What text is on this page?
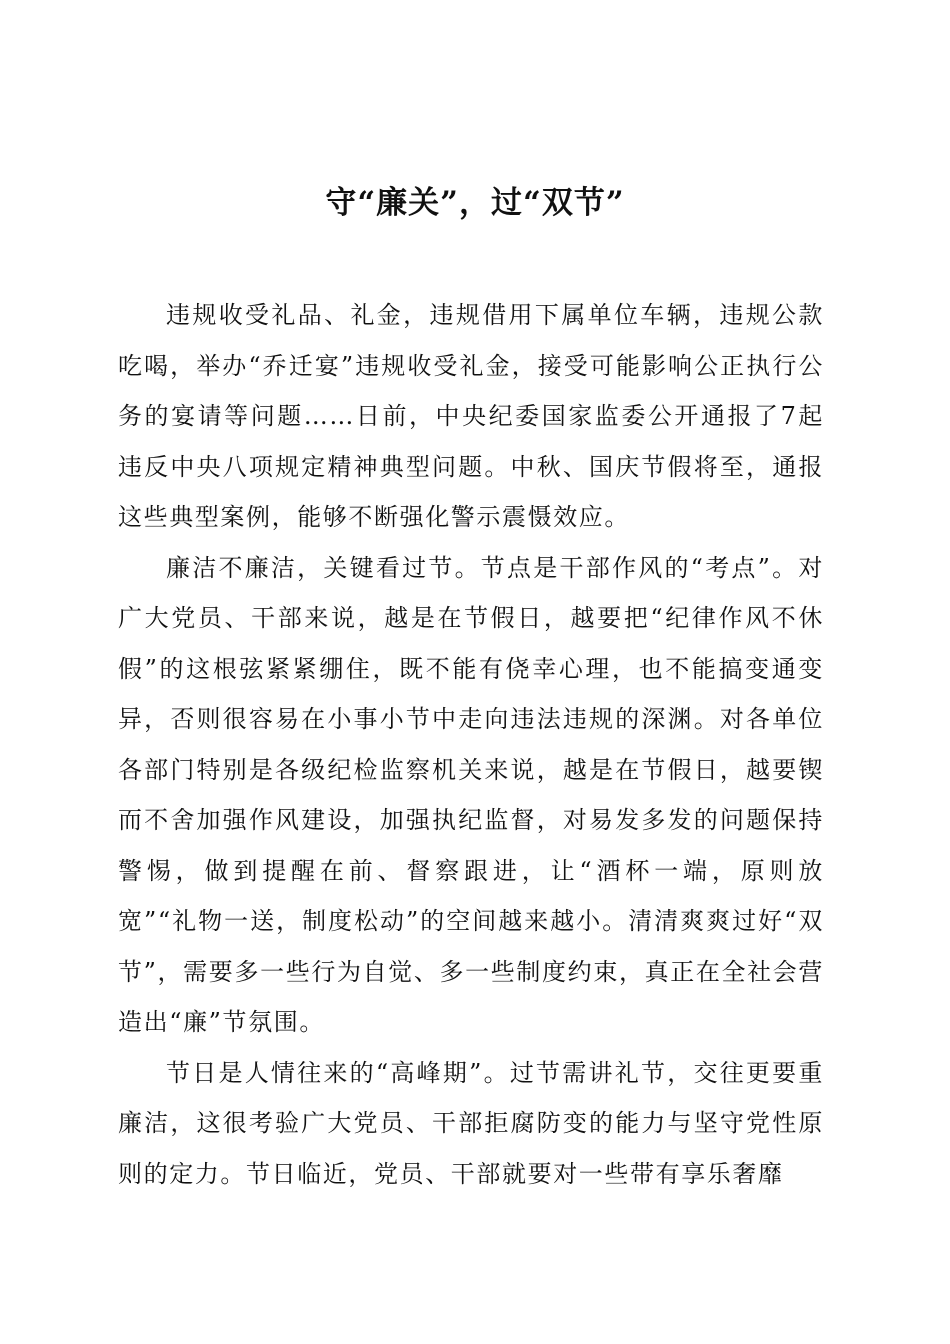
守“廉关”，过“双节”

违规收受礼品、礼金，违规借用下属单位车辆，违规公款吃喝，举办“乔迁宴”违规收受礼金，接受可能影响公正执行公务的宴请等问题……日前，中央纪委国家监委公开通报了7起违反中央八项规定精神典型问题。中秋、国庆节假将至，通报这些典型案例，能够不断强化警示震慑效应。

廉洁不廉洁，关键看过节。节点是干部作风的“考点”。对广大党员、干部来说，越是在节假日，越要把“纪律作风不休假”的这根弦紧紧绷住，既不能有侥幸心理，也不能搞变通变异，否则很容易在小事小节中走向违法违规的深渊。对各单位各部门特别是各级纪检监察机关来说，越是在节假日，越要锲而不舍加强作风建设，加强执纪监督，对易发多发的问题保持警惕，做到提醒在前、督察跟进，让“酒杯一端，原则放宽”“礼物一送，制度松动”的空间越来越小。清清爽爽过好“双节”，需要多一些行为自觉、多一些制度约束，真正在全社会营造出“廉”节氛围。

节日是人情往来的“高峰期”。过节需讲礼节，交往更要重廉洁，这很考验广大党员、干部拒腐防变的能力与坚守党性原则的定力。节日临近，党员、干部就要对一些带有享乐奢靡
